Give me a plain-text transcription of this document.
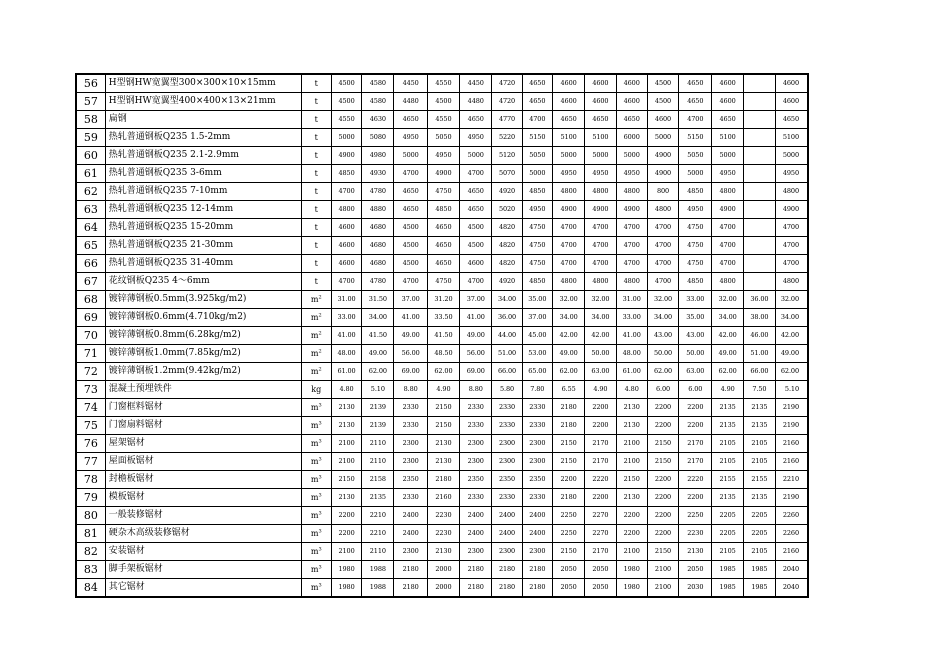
56	H型钢HW宽翼型300×300×10×15mm	t	4500	4580	4450	4550	4450	4720	4650	4600	4600	4600	4500	4650	4600		4600
57	H型钢HW宽翼型400×400×13×21mm	t	4500	4580	4480	4500	4480	4720	4650	4600	4600	4600	4500	4650	4600		4600
58	扁钢	t	4550	4630	4650	4550	4650	4770	4700	4650	4650	4650	4600	4700	4650		4650
59	热轧普通钢板Q235 1.5-2mm	t	5000	5080	4950	5050	4950	5220	5150	5100	5100	6000	5000	5150	5100		5100
60	热轧普通钢板Q235 2.1-2.9mm	t	4900	4980	5000	4950	5000	5120	5050	5000	5000	5000	4900	5050	5000		5000
61	热轧普通钢板Q235 3-6mm	t	4850	4930	4700	4900	4700	5070	5000	4950	4950	4950	4900	5000	4950		4950
62	热轧普通钢板Q235 7-10mm	t	4700	4780	4650	4750	4650	4920	4850	4800	4800	4800	800	4850	4800		4800
63	热轧普通钢板Q235 12-14mm	t	4800	4880	4650	4850	4650	5020	4950	4900	4900	4900	4800	4950	4900		4900
64	热轧普通钢板Q235 15-20mm	t	4600	4680	4500	4650	4500	4820	4750	4700	4700	4700	4700	4750	4700		4700
65	热轧普通钢板Q235 21-30mm	t	4600	4680	4500	4650	4500	4820	4750	4700	4700	4700	4700	4750	4700		4700
66	热轧普通钢板Q235 31-40mm	t	4600	4680	4500	4650	4600	4820	4750	4700	4700	4700	4700	4750	4700		4700
67	花纹钢板Q235 4～6mm	t	4700	4780	4700	4750	4700	4920	4850	4800	4800	4800	4700	4850	4800		4800
68	镀锌薄钢板0.5mm(3.925kg/m2)	$m^2$	31.00	31.50	37.00	31.20	37.00	34.00	35.00	32.00	32.00	31.00	32.00	33.00	32.00	36.00	32.00
69	镀锌薄钢板0.6mm(4.710kg/m2)	$m^2$	33.00	34.00	41.00	33.50	41.00	36.00	37.00	34.00	34.00	33.00	34.00	35.00	34.00	38.00	34.00
70	镀锌薄钢板0.8mm(6.28kg/m2)	$m^2$	41.00	41.50	49.00	41.50	49.00	44.00	45.00	42.00	42.00	41.00	43.00	43.00	42.00	46.00	42.00
71	镀锌薄钢板1.0mm(7.85kg/m2)	$m^2$	48.00	49.00	56.00	48.50	56.00	51.00	53.00	49.00	50.00	48.00	50.00	50.00	49.00	51.00	49.00
72	镀锌薄钢板1.2mm(9.42kg/m2)	$m^2$	61.00	62.00	69.00	62.00	69.00	66.00	65.00	62.00	63.00	61.00	62.00	63.00	62.00	66.00	62.00
73	混凝土预埋铁件	kg	4.80	5.10	8.80	4.90	8.80	5.80	7.80	6.55	4.90	4.80	6.00	6.00	4.90	7.50	5.10
74	门窗框料锯材	$m^3$	2130	2139	2330	2150	2330	2330	2330	2180	2200	2130	2200	2200	2135	2135	2190
75	门窗扇料锯材	$m^3$	2130	2139	2330	2150	2330	2330	2330	2180	2200	2130	2200	2200	2135	2135	2190
76	屋架锯材	$m^3$	2100	2110	2300	2130	2300	2300	2300	2150	2170	2100	2150	2170	2105	2105	2160
77	屋面板锯材	$m^3$	2100	2110	2300	2130	2300	2300	2300	2150	2170	2100	2150	2170	2105	2105	2160
78	封檐板锯材	$m^3$	2150	2158	2350	2180	2350	2350	2350	2200	2220	2150	2200	2220	2155	2155	2210
79	模板锯材	$m^3$	2130	2135	2330	2160	2330	2330	2330	2180	2200	2130	2200	2200	2135	2135	2190
80	一般装修锯材	$m^3$	2200	2210	2400	2230	2400	2400	2400	2250	2270	2200	2200	2250	2205	2205	2260
81	硬杂木高级装修锯材	$m^3$	2200	2210	2400	2230	2400	2400	2400	2250	2270	2200	2200	2230	2205	2205	2260
82	安装锯材	$m^3$	2100	2110	2300	2130	2300	2300	2300	2150	2170	2100	2150	2130	2105	2105	2160
83	脚手架板锯材	$m^3$	1980	1988	2180	2000	2180	2180	2180	2050	2050	1980	2100	2050	1985	1985	2040
84	其它锯材	$m^3$	1980	1988	2180	2000	2180	2180	2180	2050	2050	1980	2100	2030	1985	1985	2040
